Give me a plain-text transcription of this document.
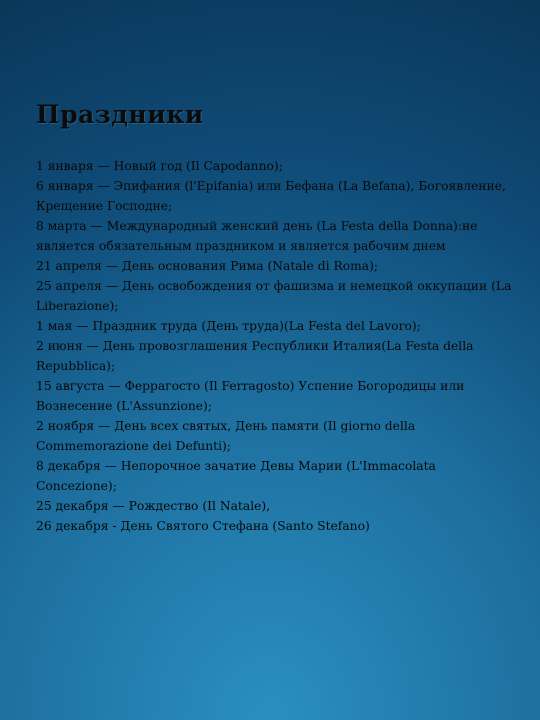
Праздники
1 января — Новый год (Il Capodanno);
6 января — Эпифания (l'Epifania) или Бефана (La Befana), Богоявление, Крещение Господне;
8 марта — Международный женский день (La Festa della Donna):не является обязательным праздником и является рабочим днем
21 апреля — День основания Рима (Natale di Roma);
25 апреля — День освобождения от фашизма и немецкой оккупации (La Liberazione);
1 мая — Праздник труда (День труда)(La Festa del Lavoro);
2 июня — День провозглашения Республики Италия(La Festa della Repubblica);
15 августа — Феррагосто (Il Ferragosto) Успение Богородицы или Вознесение (L'Assunzione);
2 ноября — День всех святых, День памяти (Il giorno della Commemorazione dei Defunti);
8 декабря — Непорочное зачатие Девы Марии (L'Immacolata Concezione);
25 декабря — Рождество (Il Natale),
26 декабря - День Святого Стефана (Santo Stefano)
